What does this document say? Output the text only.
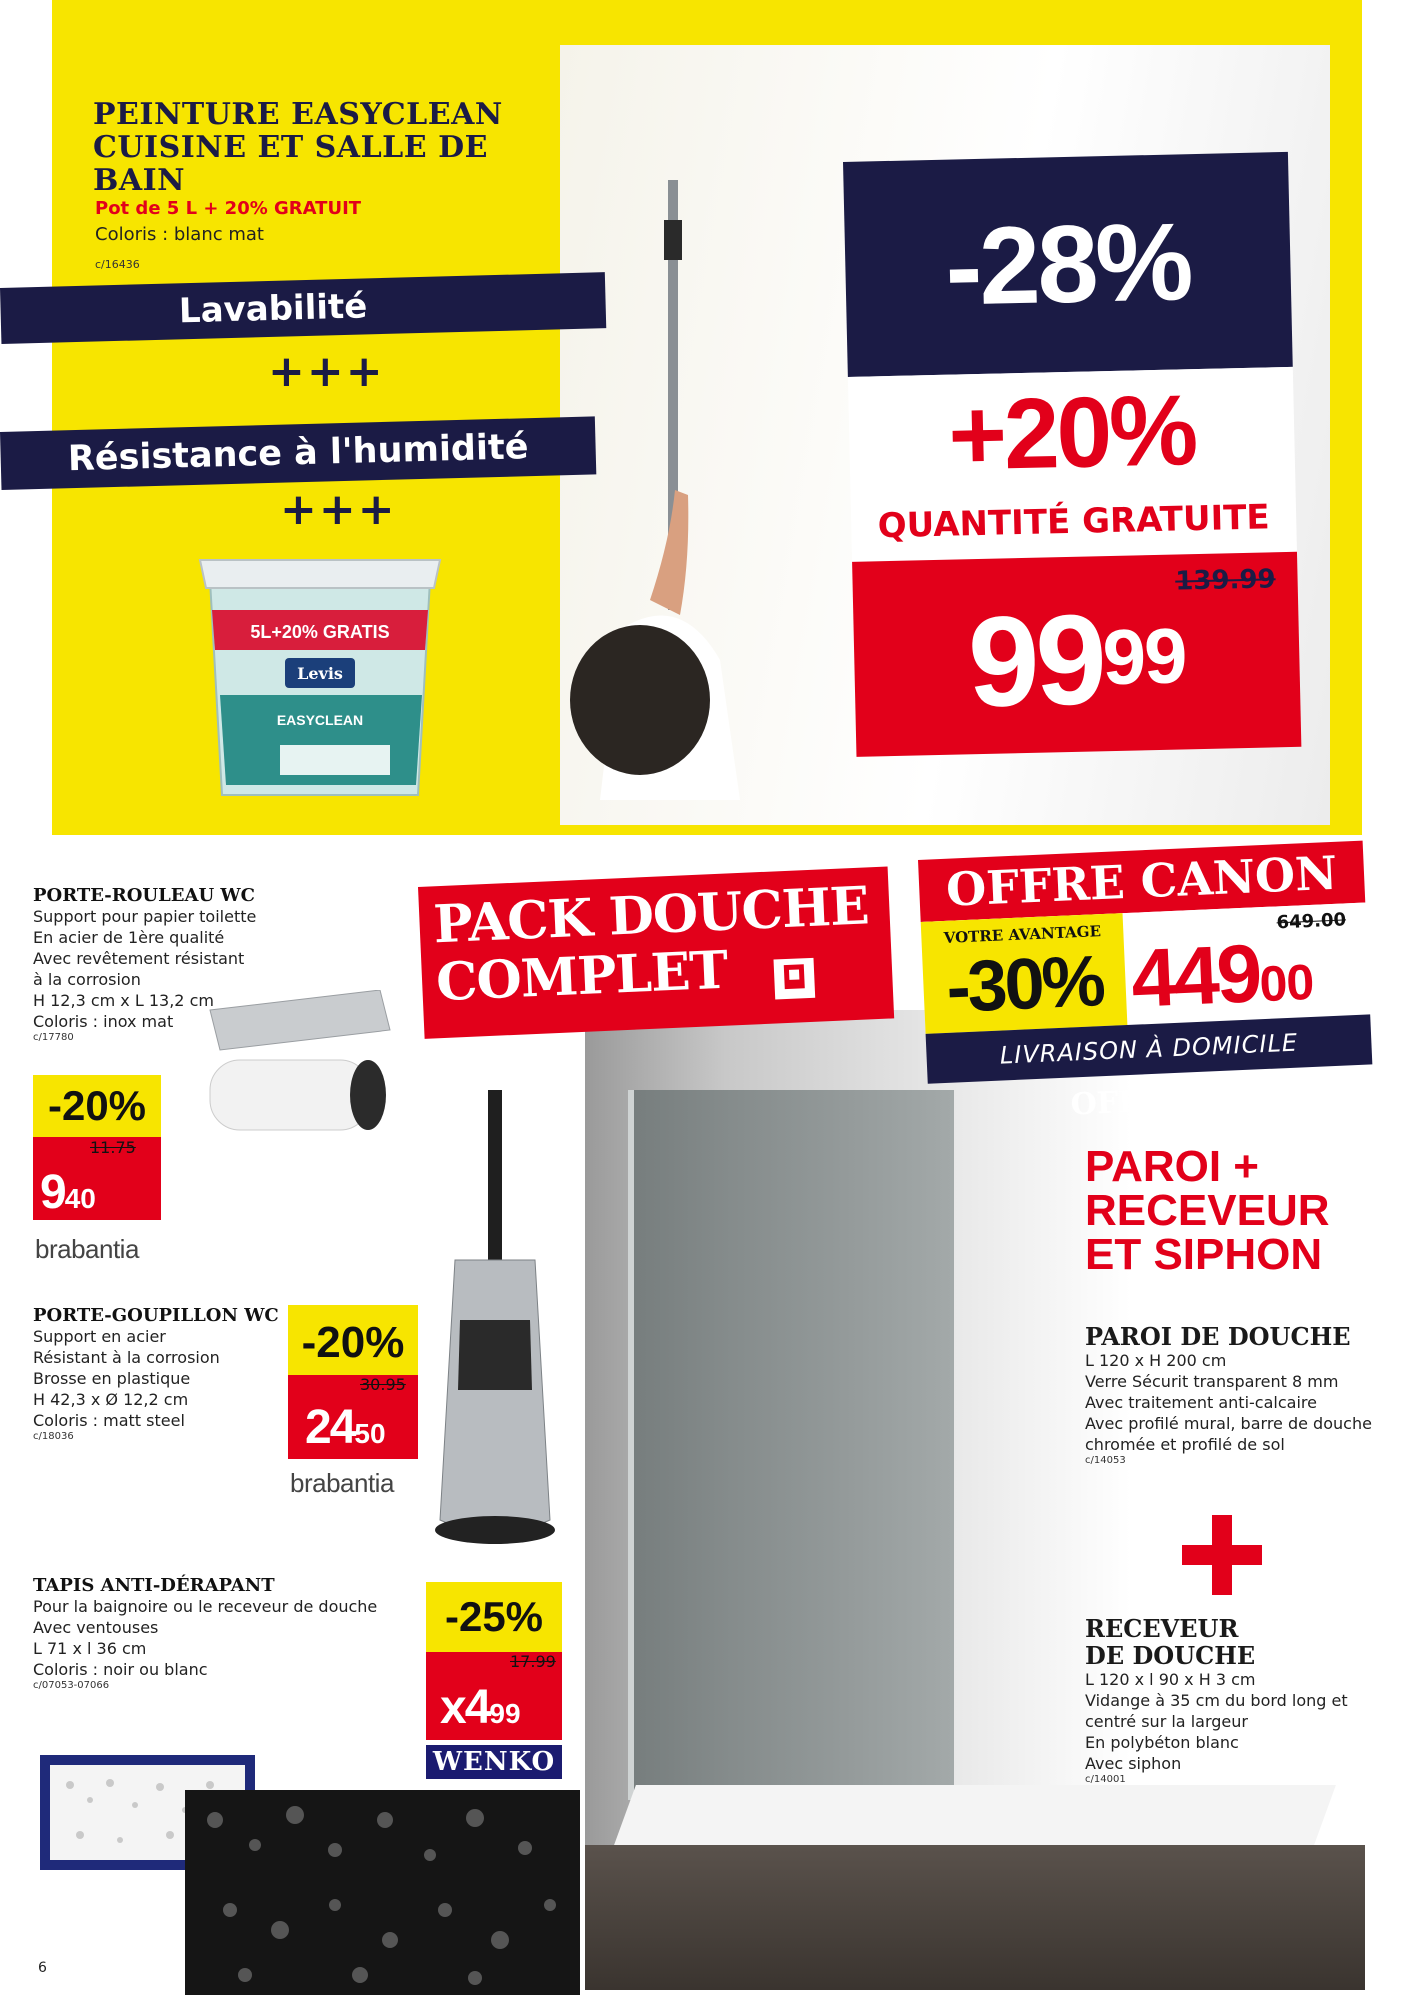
PEINTURE EASYCLEAN CUISINE ET SALLE DE BAIN
Pot de 5 L + 20% GRATUIT
Coloris : blanc mat
c/16436
Lavabilité
+++
Résistance à l'humidité
+++
5L+20% GRATIS
Levis
EASYCLEAN
-28%
+20%
QUANTITÉ GRATUITE
139.99
9999
PORTE-ROULEAU WC
Support pour papier toilette
En acier de 1ère qualité
Avec revêtement résistant
à la corrosion
H 12,3 cm x L 13,2 cm
Coloris : inox mat
c/17780
-20%
11.75
940
brabantia
PORTE-GOUPILLON WC
Support en acier
Résistant à la corrosion
Brosse en plastique
H 42,3 x Ø 12,2 cm
Coloris : matt steel
c/18036
-20%
30.95
2450
brabantia
TAPIS ANTI-DÉRAPANT
Pour la baignoire ou le receveur de douche
Avec ventouses
L 71 x l 36 cm
Coloris : noir ou blanc
c/07053-07066
-25%
17.99
x499
WENKO
PACK DOUCHE
COMPLET
OFFRE CANON
VOTRE AVANTAGE
-30%
649.00
44900
LIVRAISON À DOMICILE OFFERTE
PAROI +
RECEVEUR
ET SIPHON
PAROI DE DOUCHE
L 120 x H 200 cm
Verre Sécurit transparent 8 mm
Avec traitement anti-calcaire
Avec profilé mural, barre de douche chromée et profilé de sol
c/14053
RECEVEUR
DE DOUCHE
L 120 x l 90 x H 3 cm
Vidange à 35 cm du bord long et centré sur la largeur
En polybéton blanc
Avec siphon
c/14001
6
